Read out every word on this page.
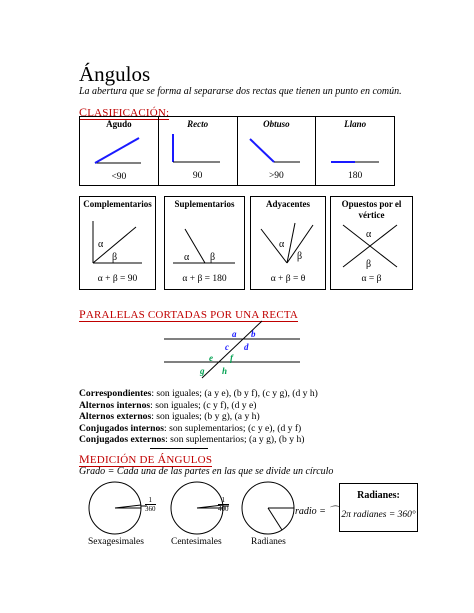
Ángulos
La abertura que se forma al separarse dos rectas que tienen un punto en común.
CLASIFICACIÓN:
Agudo
<90

Recto
90

Obtuso
>90

Llano
180
Complementarios
α
β
α + β = 90
Suplementarios
α β
α + β = 180
Adyacentes
α
β
α + β = θ
Opuestos por el
vértice
α
β
α = β
PARALELAS CORTADAS POR UNA RECTA
a b
c d
e f
g h
Correspondientes: son iguales; (a y e), (b y f), (c y g), (d y h)
Alternos internos: son iguales; (c y f), (d y e)
Alternos externos: son iguales; (b y g), (a y h)
Conjugados internos: son suplementarios; (c y e), (d y f)
Conjugados externos: son suplementarios; (a y g), (b y h)
MEDICIÓN DE ÁNGULOS
Grado = Cada una de las partes en las que se divide un círculo
$\frac{1}{360}$	$\frac{1}{400}$	radio = ⌒
Sexagesimales	Centesimales	Radianes
Radianes:
2π radianes = 360°
